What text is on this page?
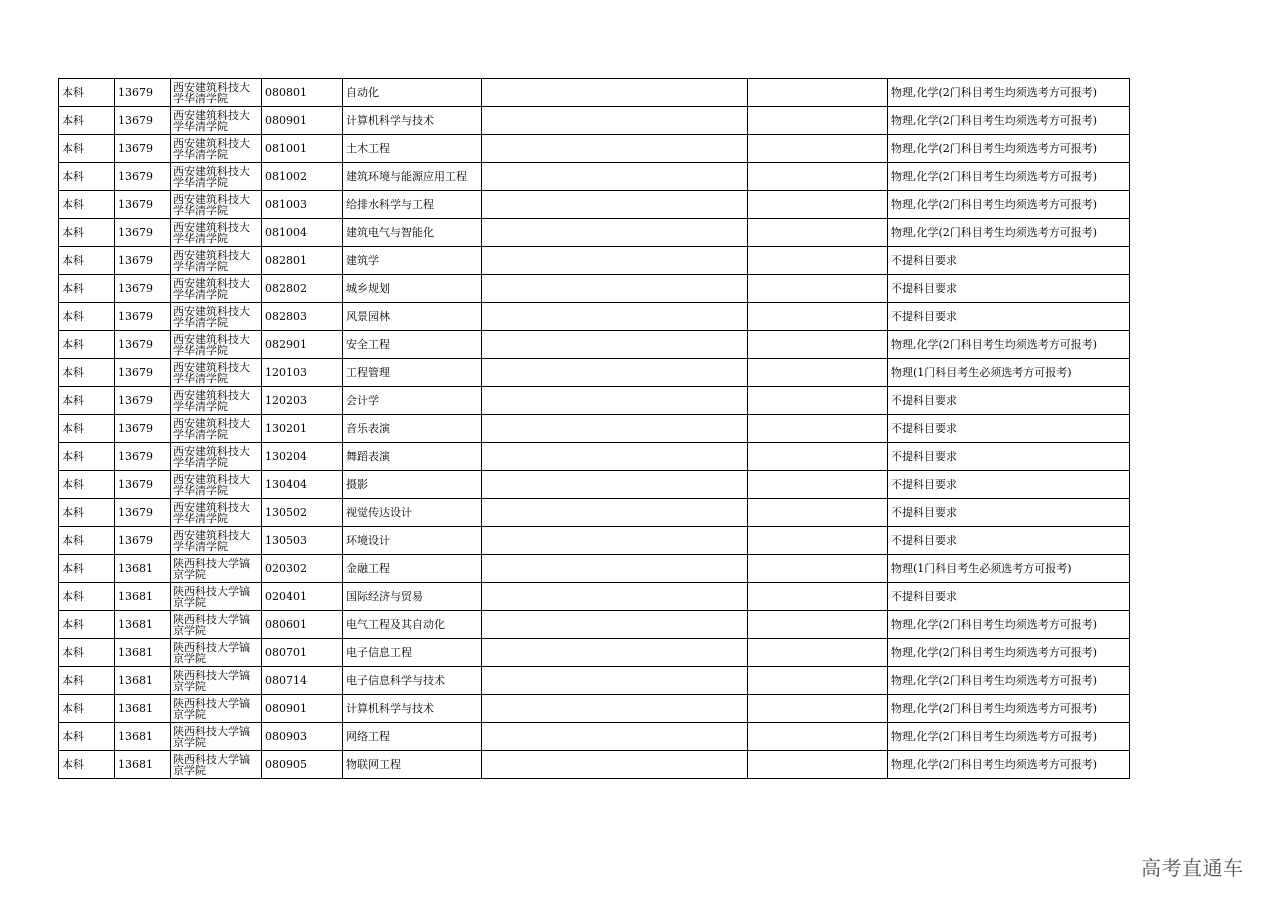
本科	13679	西安建筑科技大学华清学院	080801	自动化			物理,化学(2门科目考生均须选考方可报考)
本科	13679	西安建筑科技大学华清学院	080901	计算机科学与技术			物理,化学(2门科目考生均须选考方可报考)
本科	13679	西安建筑科技大学华清学院	081001	土木工程			物理,化学(2门科目考生均须选考方可报考)
本科	13679	西安建筑科技大学华清学院	081002	建筑环境与能源应用工程			物理,化学(2门科目考生均须选考方可报考)
本科	13679	西安建筑科技大学华清学院	081003	给排水科学与工程			物理,化学(2门科目考生均须选考方可报考)
本科	13679	西安建筑科技大学华清学院	081004	建筑电气与智能化			物理,化学(2门科目考生均须选考方可报考)
本科	13679	西安建筑科技大学华清学院	082801	建筑学			不提科目要求
本科	13679	西安建筑科技大学华清学院	082802	城乡规划			不提科目要求
本科	13679	西安建筑科技大学华清学院	082803	风景园林			不提科目要求
本科	13679	西安建筑科技大学华清学院	082901	安全工程			物理,化学(2门科目考生均须选考方可报考)
本科	13679	西安建筑科技大学华清学院	120103	工程管理			物理(1门科目考生必须选考方可报考)
本科	13679	西安建筑科技大学华清学院	120203	会计学			不提科目要求
本科	13679	西安建筑科技大学华清学院	130201	音乐表演			不提科目要求
本科	13679	西安建筑科技大学华清学院	130204	舞蹈表演			不提科目要求
本科	13679	西安建筑科技大学华清学院	130404	摄影			不提科目要求
本科	13679	西安建筑科技大学华清学院	130502	视觉传达设计			不提科目要求
本科	13679	西安建筑科技大学华清学院	130503	环境设计			不提科目要求
本科	13681	陕西科技大学镐京学院	020302	金融工程			物理(1门科目考生必须选考方可报考)
本科	13681	陕西科技大学镐京学院	020401	国际经济与贸易			不提科目要求
本科	13681	陕西科技大学镐京学院	080601	电气工程及其自动化			物理,化学(2门科目考生均须选考方可报考)
本科	13681	陕西科技大学镐京学院	080701	电子信息工程			物理,化学(2门科目考生均须选考方可报考)
本科	13681	陕西科技大学镐京学院	080714	电子信息科学与技术			物理,化学(2门科目考生均须选考方可报考)
本科	13681	陕西科技大学镐京学院	080901	计算机科学与技术			物理,化学(2门科目考生均须选考方可报考)
本科	13681	陕西科技大学镐京学院	080903	网络工程			物理,化学(2门科目考生均须选考方可报考)
本科	13681	陕西科技大学镐京学院	080905	物联网工程			物理,化学(2门科目考生均须选考方可报考)
高考直通车
